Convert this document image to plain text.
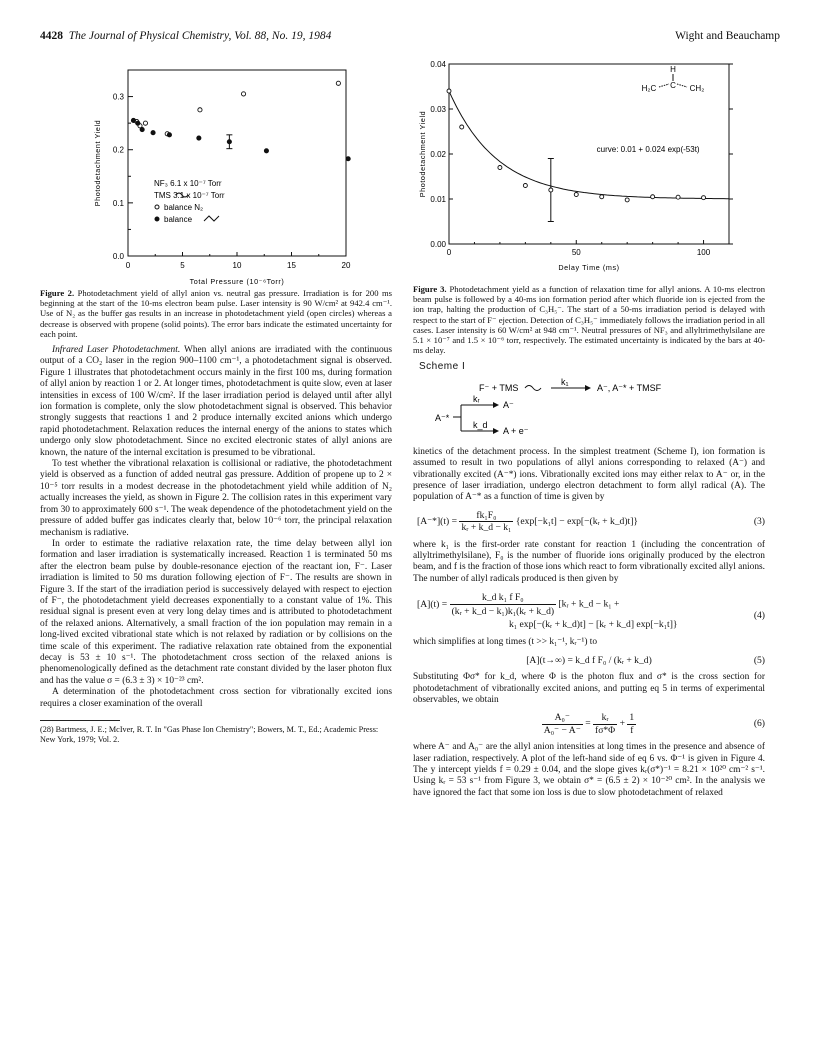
4428 The Journal of Physical Chemistry, Vol. 88, No. 19, 1984	Wight and Beauchamp
0	5	10	15	20
0.0
0.1
0.2
0.3
Total Pressure (10⁻⁶Torr)
Photodetachment Yield	NF₃ 6.1 x 10⁻⁷ Torr
TMS 3.1 x 10⁻⁷ Torr
balance N₂
balance

Figure 2. Photodetachment yield of allyl anion vs. neutral gas pressure. Irradiation is for 200 ms beginning at the start of the 10-ms electron beam pulse. Laser intensity is 90 W/cm² at 942.4 cm⁻¹. Use of N₂ as the buffer gas results in an increase in photodetachment yield (open circles) whereas a decrease is observed with propene (solid points). The error bars indicate the estimated uncertainty for each point.

Infrared Laser Photodetachment. When allyl anions are irradiated with the continuous output of a CO₂ laser in the region 900–1100 cm⁻¹, a photodetachment signal is observed. Figure 1 illustrates that photodetachment occurs mainly in the first 100 ms, during formation of allyl anion by reaction 1 or 2. At longer times, photodetachment is quite slow, even at laser intensities in excess of 100 W/cm². If the laser irradiation period is delayed until after allyl ion formation is complete, only the slow photodetachment signal is observed. This behavior strongly suggests that reactions 1 and 2 produce internally excited anions which undergo rapid photodetachment. Relaxation reduces the internal energy of the anions to states which undergo only slow photodetachment. Since no excited electronic states of allyl anions are known, the nature of the internal excitation is presumed to be vibrational.

To test whether the vibrational relaxation is collisional or radiative, the photodetachment yield is observed as a function of added neutral gas pressure. Addition of propene up to 2 × 10⁻⁵ torr results in a modest decrease in the photodetachment yield while addition of N₂ actually increases the yield, as shown in Figure 2. The collision rates in this experiment vary from 30 to approximately 600 s⁻¹. The weak dependence of the photodetachment yield on the pressure of added buffer gas indicates clearly that, below 10⁻⁶ torr, the principal relaxation mechanism is radiative.

In order to estimate the radiative relaxation rate, the time delay between allyl ion formation and laser irradiation is systematically increased. Reaction 1 is terminated 50 ms after the electron beam pulse by double-resonance ejection of the reactant ion, F⁻. Laser irradiation is limited to 50 ms duration following ejection of F⁻. The results are shown in Figure 3. If the start of the irradiation period is successively delayed with respect to ejection of F⁻, the photodetachment yield decreases exponentially to a constant value of 1%. This residual signal is present even at very long delay times and is attributed to photodetachment of the relaxed anions. Alternatively, a small fraction of the ion population may remain in a long-lived excited vibrational state which is not relaxed by radiation or by collisions on the time scale of this experiment. The radiative relaxation rate obtained from the exponential decay is 53 ± 10 s⁻¹. The photodetachment cross section of the relaxed anions is phenomenologically defined as the detachment rate constant divided by the laser photon flux and has the value σ = (6.3 ± 3) × 10⁻²³ cm².

A determination of the photodetachment cross section for vibrationally excited ions requires a closer examination of the overall

(28) Bartmess, J. E.; McIver, R. T. In "Gas Phase Ion Chemistry"; Bowers, M. T., Ed.; Academic Press: New York, 1979; Vol. 2.
0	50	100
0.00
0.01
0.02
0.03
0.04
Delay Time (ms)
Photodetachment Yield	curve: 0.01 + 0.024 exp(-53t)
H
H₂C C CH₂

Figure 3. Photodetachment yield as a function of relaxation time for allyl anions. A 10-ms electron beam pulse is followed by a 40-ms ion formation period after which fluoride ion is ejected from the ion trap, halting the production of C₃H₅⁻. The start of a 50-ms irradiation period is delayed with respect to the start of F⁻ ejection. Detection of C₃H₅⁻ immediately follows the irradiation period in all cases. Laser intensity is 60 W/cm² at 948 cm⁻¹. Neutral pressures of NF₃ and allyltrimethylsilane are 5.1 × 10⁻⁷ and 1.5 × 10⁻⁶ torr, respectively. The estimated uncertainty is indicated by the bars at 40-ms delay.

Scheme I
F⁻ + TMS
k₁
A⁻, A⁻* + TMSF
A⁻*
kᵣ
A⁻
k_d
A + e⁻

kinetics of the detachment process. In the simplest treatment (Scheme I), ion formation is assumed to result in two populations of allyl anions corresponding to relaxed (A⁻) and vibrationally excited (A⁻*) ions. Vibrationally excited ions may either relax to A⁻ or, in the presence of laser irradiation, undergo electron detachment to form allyl radical (A). The population of A⁻* as a function of time is given by

$[A^-*](t) = \frac{\text{fk₁F₀}}{\text{kᵣ + k\_d − k₁}} \{\exp[-k_1t]$ − exp[−(kᵣ + k_d)t]}	(3)

where k₁ is the first-order rate constant for reaction 1 (including the concentration of allyltrimethylsilane), F₀ is the number of fluoride ions originally produced by the electron beam, and f is the fraction of those ions which react to form vibrationally excited allyl anions. The number of allyl radicals produced is then given by

$[A](t) = \frac{\text{k\_d k₁ f F₀}}{\text{(kᵣ + k\_d − k₁)k₁(kᵣ + k\_d)}}$ [kᵣ + k_d − k₁ +
k₁ exp[−(kᵣ + k_d)t] − [kᵣ + k_d] exp[−k₁t]}
(4)

which simplifies at long times (t >> k₁⁻¹, kᵣ⁻¹) to

[A](t→∞) = k_d f F₀ / (kᵣ + k_d)	(5)

Substituting Φσ* for k_d, where Φ is the photon flux and σ* is the cross section for photodetachment of vibrationally excited anions, and putting eq 5 in terms of experimental observables, we obtain

$\frac{\text{A₀⁻}}{\text{A₀⁻ − A⁻}} = \frac{\text{kᵣ}}{f\sigma*\Phi} + \frac{1}{f}$	(6)

where A⁻ and A₀⁻ are the allyl anion intensities at long times in the presence and absence of laser radiation, respectively. A plot of the left-hand side of eq 6 vs. Φ⁻¹ is given in Figure 4. The y intercept yields f = 0.29 ± 0.04, and the slope gives kᵣ(σ*)⁻¹ = 8.21 × 10²⁰ cm⁻² s⁻¹. Using kᵣ = 53 s⁻¹ from Figure 3, we obtain σ* = (6.5 ± 2) × 10⁻²⁰ cm². In the analysis we have ignored the fact that some ion loss is due to slow photodetachment of relaxed
